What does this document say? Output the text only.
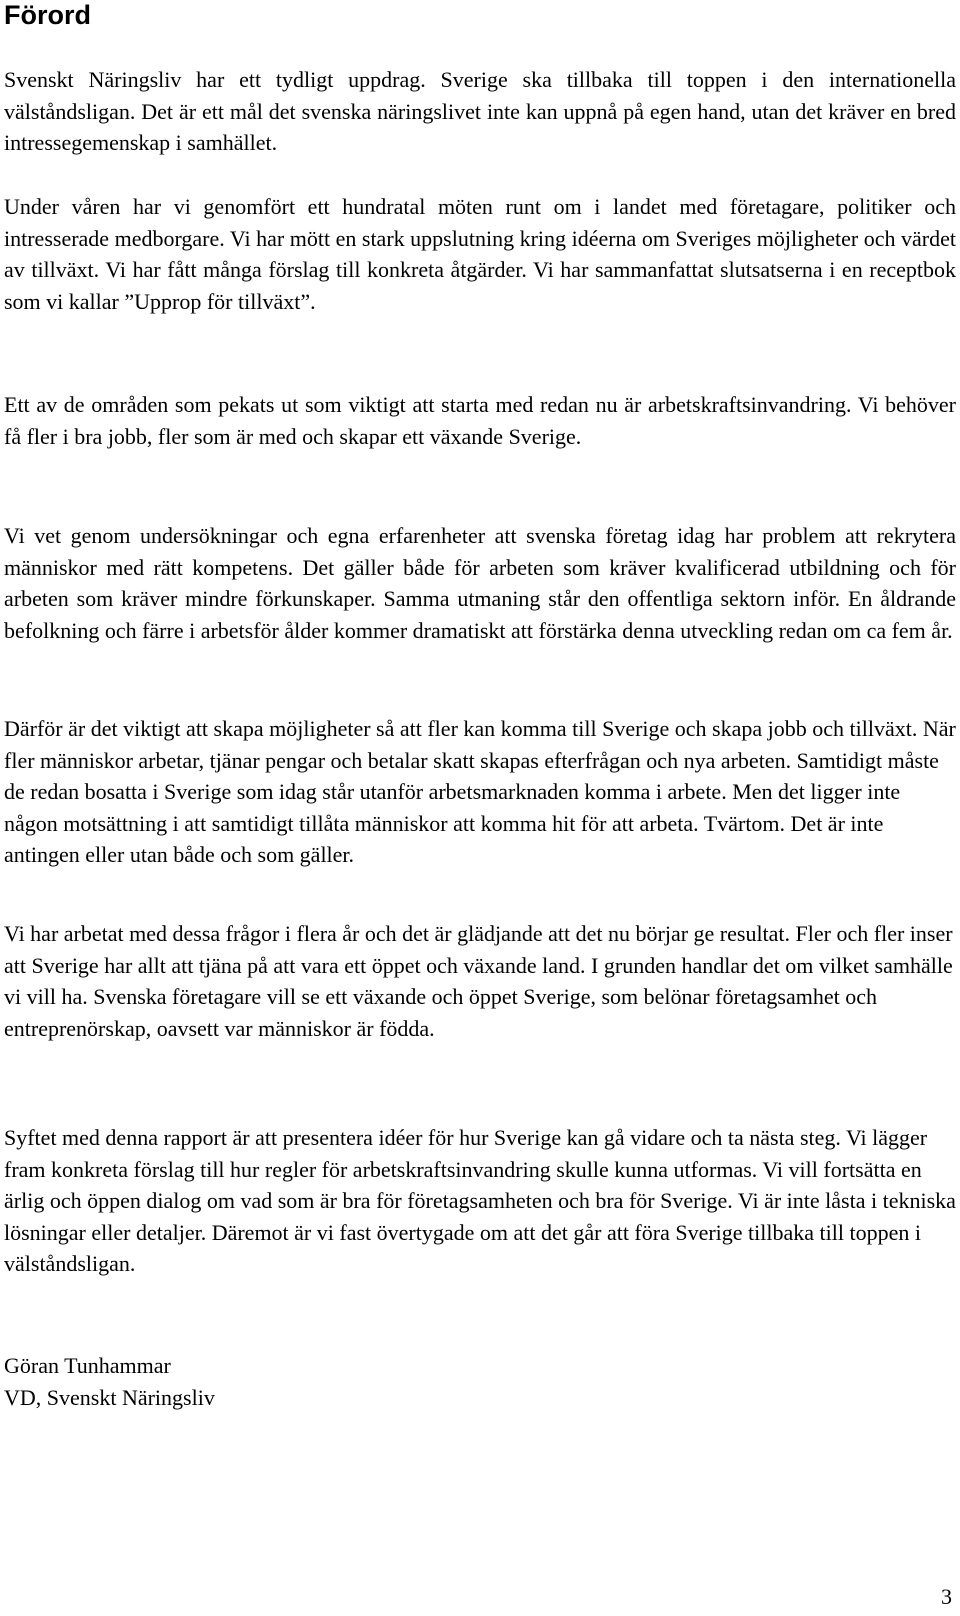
Förord

Svenskt Näringsliv har ett tydligt uppdrag. Sverige ska tillbaka till toppen i den internationella välståndsligan. Det är ett mål det svenska näringslivet inte kan uppnå på egen hand, utan det kräver en bred intressegemenskap i samhället.

Under våren har vi genomfört ett hundratal möten runt om i landet med företagare, politiker och intresserade medborgare. Vi har mött en stark uppslutning kring idéerna om Sveriges möjligheter och värdet av tillväxt. Vi har fått många förslag till konkreta åtgärder. Vi har sammanfattat slutsatserna i en receptbok som vi kallar ”Upprop för tillväxt”.

Ett av de områden som pekats ut som viktigt att starta med redan nu är arbetskraftsinvandring. Vi behöver få fler i bra jobb, fler som är med och skapar ett växande Sverige.

Vi vet genom undersökningar och egna erfarenheter att svenska företag idag har problem att rekrytera människor med rätt kompetens. Det gäller både för arbeten som kräver kvalificerad utbildning och för arbeten som kräver mindre förkunskaper. Samma utmaning står den offentliga sektorn inför. En åldrande befolkning och färre i arbetsför ålder kommer dramatiskt att förstärka denna utveckling redan om ca fem år.

Därför är det viktigt att skapa möjligheter så att fler kan komma till Sverige och skapa jobb och tillväxt. När fler människor arbetar, tjänar pengar och betalar skatt skapas efterfrågan och nya arbeten. Samtidigt måste de redan bosatta i Sverige som idag står utanför arbetsmarknaden komma i arbete. Men det ligger inte någon motsättning i att samtidigt tillåta människor att komma hit för att arbeta. Tvärtom. Det är inte antingen eller utan både och som gäller.

Vi har arbetat med dessa frågor i flera år och det är glädjande att det nu börjar ge resultat. Fler och fler inser att Sverige har allt att tjäna på att vara ett öppet och växande land. I grunden handlar det om vilket samhälle vi vill ha. Svenska företagare vill se ett växande och öppet Sverige, som belönar företagsamhet och entreprenörskap, oavsett var människor är födda.

Syftet med denna rapport är att presentera idéer för hur Sverige kan gå vidare och ta nästa steg. Vi lägger fram konkreta förslag till hur regler för arbetskraftsinvandring skulle kunna utformas. Vi vill fortsätta en ärlig och öppen dialog om vad som är bra för företagsamheten och bra för Sverige. Vi är inte låsta i tekniska lösningar eller detaljer. Däremot är vi fast övertygade om att det går att föra Sverige tillbaka till toppen i välståndsligan.

Göran Tunhammar
VD, Svenskt Näringsliv
3
